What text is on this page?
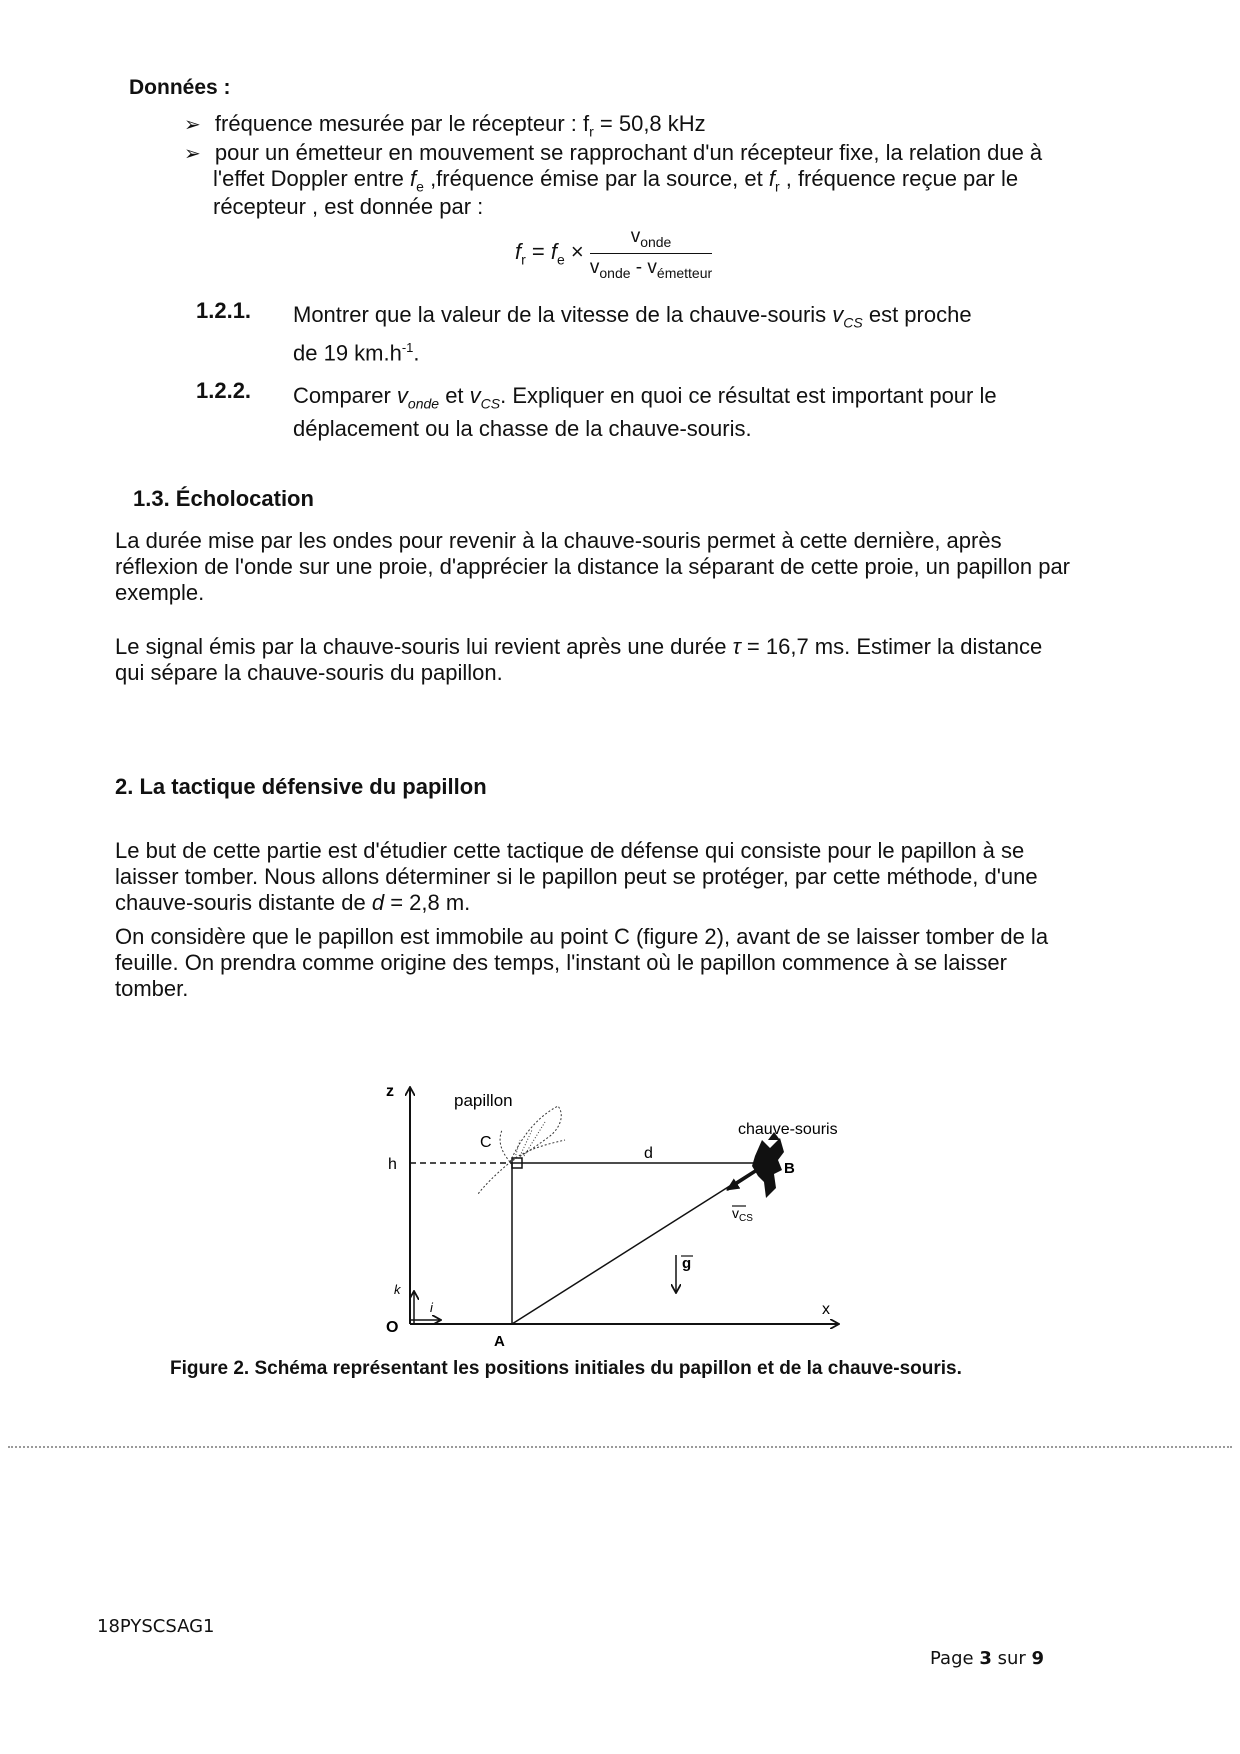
Données :
➢ fréquence mesurée par le récepteur : $f_r = 50,8$ kHz
➢ pour un émetteur en mouvement se rapprochant d'un récepteur fixe, la relation due à
l'effet Doppler entre $f_e$ ,fréquence émise par la source, et $f_r$ , fréquence reçue par le
récepteur , est donnée par :
$f_r = f_e \times \frac{v_{onde}}{v_{onde} - v_{émetteur}}$
1.2.1. Montrer que la valeur de la vitesse de la chauve-souris $v_{CS}$ est proche
de 19 $km.h^{-1}$.
1.2.2. Comparer $v_{onde}$ et $v_{CS}$. Expliquer en quoi ce résultat est important pour le
déplacement ou la chasse de la chauve-souris.
1.3. Écholocation
La durée mise par les ondes pour revenir à la chauve-souris permet à cette dernière, après
réflexion de l'onde sur une proie, d'apprécier la distance la séparant de cette proie, un papillon par
exemple.
Le signal émis par la chauve-souris lui revient après une durée τ = 16,7 ms. Estimer la distance
qui sépare la chauve-souris du papillon.
2. La tactique défensive du papillon
Le but de cette partie est d'étudier cette tactique de défense qui consiste pour le papillon à se
laisser tomber. Nous allons déterminer si le papillon peut se protéger, par cette méthode, d'une
chauve-souris distante de d = 2,8 m.
On considère que le papillon est immobile au point C (figure 2), avant de se laisser tomber de la
feuille. On prendra comme origine des temps, l'instant où le papillon commence à se laisser
tomber.
z
h
O
k
i
A
C
d
B
x
g
$v_{CS}$
papillon
chauve-souris
Figure 2. Schéma représentant les positions initiales du papillon et de la chauve-souris.
18PYSCSAG1
Page 3 sur 9
